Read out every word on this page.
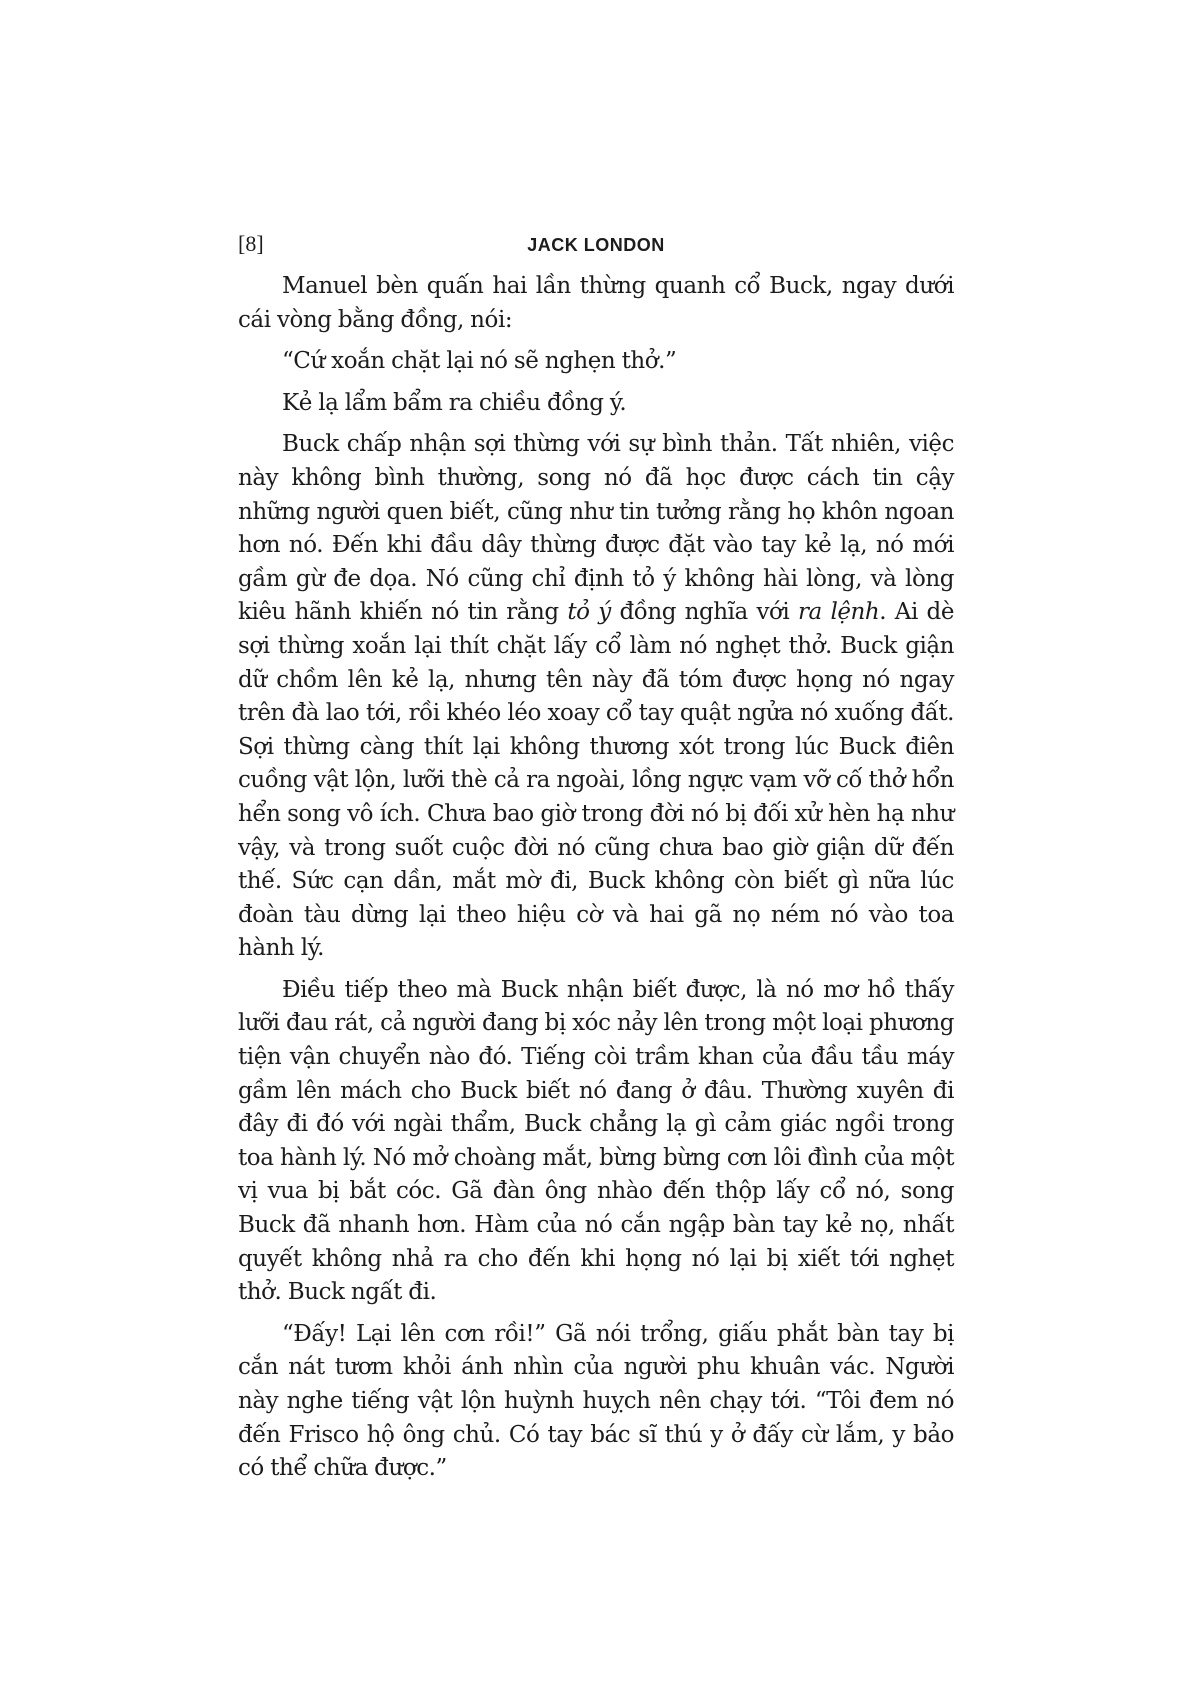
[8]	JACK LONDON

Manuel bèn quấn hai lần thừng quanh cổ Buck, ngay dưới cái vòng bằng đồng, nói:

“Cứ xoắn chặt lại nó sẽ nghẹn thở.”

Kẻ lạ lẩm bẩm ra chiều đồng ý.

Buck chấp nhận sợi thừng với sự bình thản. Tất nhiên, việc này không bình thường, song nó đã học được cách tin cậy những người quen biết, cũng như tin tưởng rằng họ khôn ngoan hơn nó. Đến khi đầu dây thừng được đặt vào tay kẻ lạ, nó mới gầm gừ đe dọa. Nó cũng chỉ định tỏ ý không hài lòng, và lòng kiêu hãnh khiến nó tin rằng tỏ ý đồng nghĩa với ra lệnh. Ai dè sợi thừng xoắn lại thít chặt lấy cổ làm nó nghẹt thở. Buck giận dữ chồm lên kẻ lạ, nhưng tên này đã tóm được họng nó ngay trên đà lao tới, rồi khéo léo xoay cổ tay quật ngửa nó xuống đất. Sợi thừng càng thít lại không thương xót trong lúc Buck điên cuồng vật lộn, lưỡi thè cả ra ngoài, lồng ngực vạm vỡ cố thở hổn hển song vô ích. Chưa bao giờ trong đời nó bị đối xử hèn hạ như vậy, và trong suốt cuộc đời nó cũng chưa bao giờ giận dữ đến thế. Sức cạn dần, mắt mờ đi, Buck không còn biết gì nữa lúc đoàn tàu dừng lại theo hiệu cờ và hai gã nọ ném nó vào toa hành lý.

Điều tiếp theo mà Buck nhận biết được, là nó mơ hồ thấy lưỡi đau rát, cả người đang bị xóc nảy lên trong một loại phương tiện vận chuyển nào đó. Tiếng còi trầm khan của đầu tầu máy gầm lên mách cho Buck biết nó đang ở đâu. Thường xuyên đi đây đi đó với ngài thẩm, Buck chẳng lạ gì cảm giác ngồi trong toa hành lý. Nó mở choàng mắt, bừng bừng cơn lôi đình của một vị vua bị bắt cóc. Gã đàn ông nhào đến thộp lấy cổ nó, song Buck đã nhanh hơn. Hàm của nó cắn ngập bàn tay kẻ nọ, nhất quyết không nhả ra cho đến khi họng nó lại bị xiết tới nghẹt thở. Buck ngất đi.

“Đấy! Lại lên cơn rồi!” Gã nói trổng, giấu phắt bàn tay bị cắn nát tươm khỏi ánh nhìn của người phu khuân vác. Người này nghe tiếng vật lộn huỳnh huỵch nên chạy tới. “Tôi đem nó đến Frisco hộ ông chủ. Có tay bác sĩ thú y ở đấy cừ lắm, y bảo có thể chữa được.”
